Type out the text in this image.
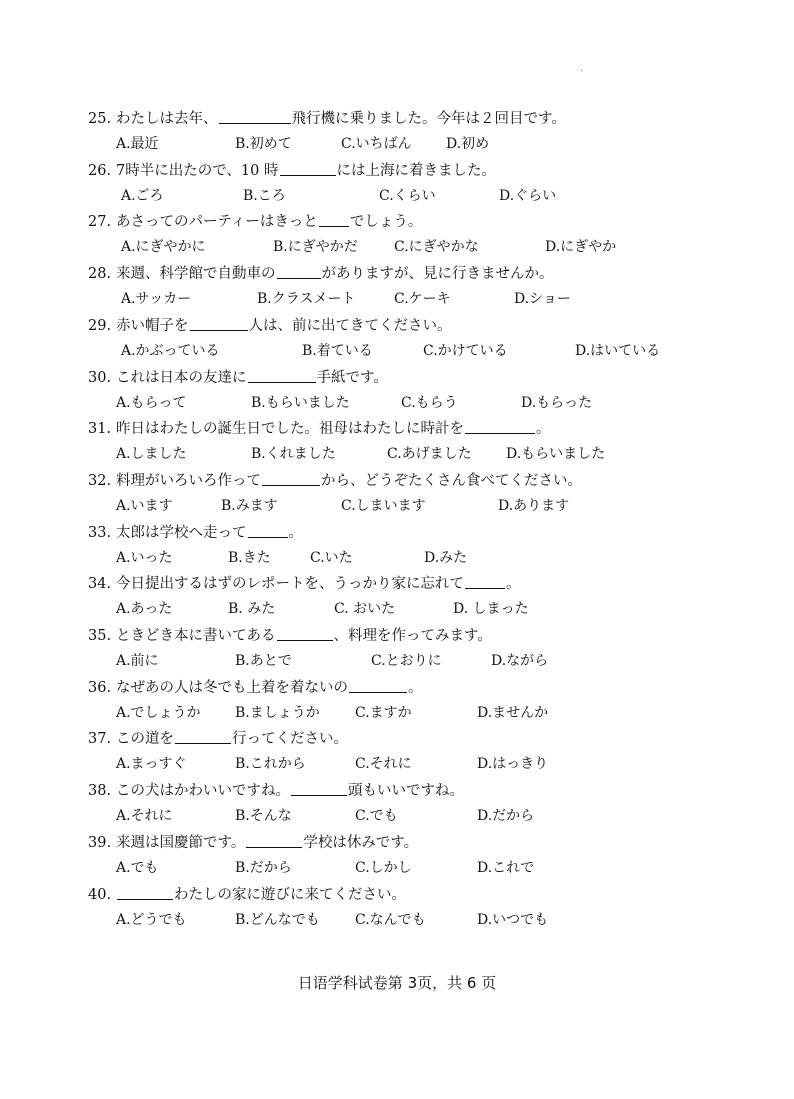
·
25. わたしは去年、	飛行機に乗りました。今年は２回目です。
A.最近	B.初めて	C.いちばん D.初め
26. 7時半に出たので、10 時	には上海に着きました。
A.ごろ	B.ころ	C.くらい	D.ぐらい
27. あさってのパーティーはきっと でしょう。
A.にぎやかに	B.にぎやかだ	C.にぎやかな	D.にぎやか
28. 来週、科学館で自動車の	がありますが、見に行きませんか。
A.サッカー	B.クラスメート	C.ケーキ	D.ショー
29. 赤い帽子を	人は、前に出てきてください。
A.かぶっている	B.着ている	C.かけている	D.はいている
30. これは日本の友達に	手紙です。
A.もらって	B.もらいました	C.もらう	D.もらった
31. 昨日はわたしの誕生日でした。祖母はわたしに時計を	。
A.しました	B.くれました	C.あげました D.もらいました
32. 料理がいろいろ作って	から、どうぞたくさん食べてください。
A.います	B.みます	C.しまいます	D.あります
33. 太郎は学校へ走って	。
A.いった	B.きた	C.いた	D.みた
34. 今日提出するはずのレポートを、うっかり家に忘れて	。
A.あった	B. みた	C. おいた	D. しまった
35. ときどき本に書いてある	、料理を作ってみます。
A.前に	B.あとで	C.とおりに	D.ながら
36. なぜあの人は冬でも上着を着ないの	。
A.でしょうか B.ましょうか	C.ますか	D.ませんか
37. この道を	行ってください。
A.まっすぐ	B.これから	C.それに	D.はっきり
38. この犬はかわいいですね。	頭もいいですね。
A.それに	B.そんな	C.でも	D.だから
39. 来週は国慶節です。	学校は休みです。
A.でも	B.だから	C.しかし	D.これで
40.	わたしの家に遊びに来てください。
A.どうでも	B.どんなでも	C.なんでも	D.いつでも
日语学科试卷第 3页，共 6 页
